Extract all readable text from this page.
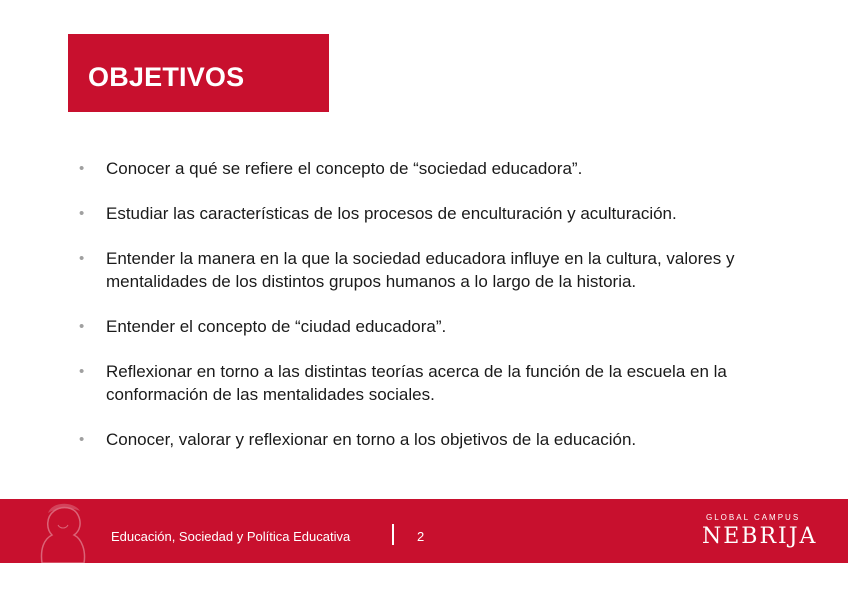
OBJETIVOS
• Conocer a qué se refiere el concepto de “sociedad educadora”.
• Estudiar las características de los procesos de enculturación y aculturación.
• Entender la manera en la que la sociedad educadora influye en la cultura, valores y mentalidades de los distintos grupos humanos a lo largo de la historia.
• Entender el concepto de “ciudad educadora”.
• Reflexionar en torno a las distintas teorías acerca de la función de la escuela en la conformación de las mentalidades sociales.
• Conocer, valorar y reflexionar en torno a los objetivos de la educación.
Educación, Sociedad y Política Educativa	2
GLOBAL CAMPUS
NEBRIJA
